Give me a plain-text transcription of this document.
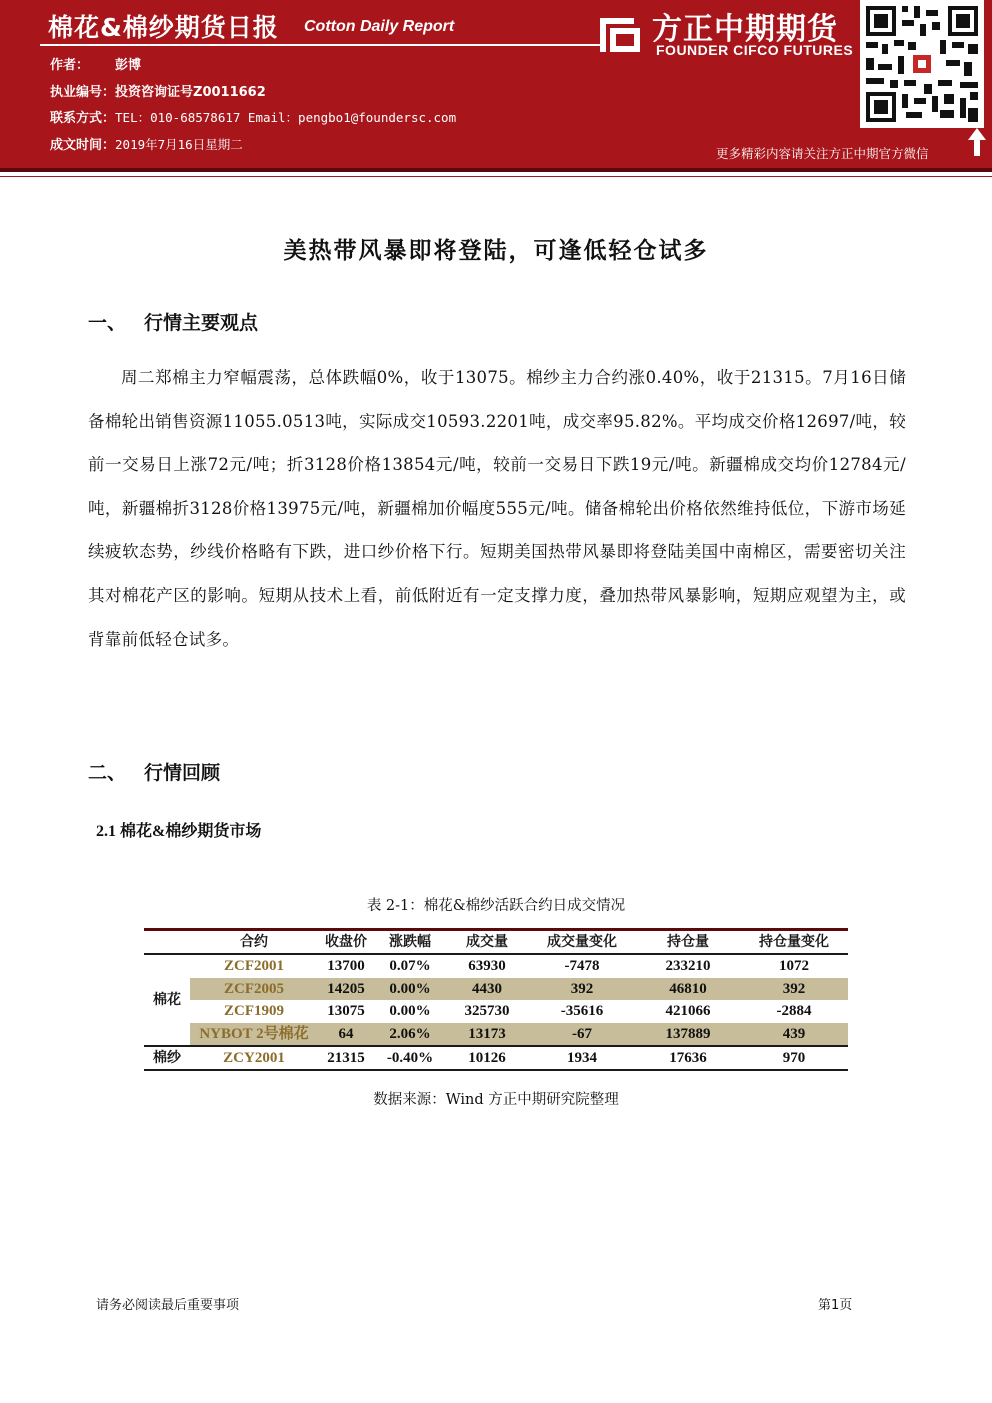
棉花&棉纱期货日报 Cotton Daily Report
作者： 彭博
执业编号：投资咨询证号Z0011662
联系方式：TEL：010-68578617 Email：pengbo1@foundersc.com
成文时间：2019年7月16日星期二
方正中期期货
FOUNDER CIFCO FUTURES
更多精彩内容请关注方正中期官方微信
美热带风暴即将登陆，可逢低轻仓试多
一、 行情主要观点
周二郑棉主力窄幅震荡，总体跌幅0%，收于13075。棉纱主力合约涨0.40%，收于21315。7月16日储备棉轮出销售资源11055.0513吨，实际成交10593.2201吨，成交率95.82%。平均成交价格12697/吨，较前一交易日上涨72元/吨；折3128价格13854元/吨，较前一交易日下跌19元/吨。新疆棉成交均价12784元/吨，新疆棉折3128价格13975元/吨，新疆棉加价幅度555元/吨。储备棉轮出价格依然维持低位，下游市场延续疲软态势，纱线价格略有下跌，进口纱价格下行。短期美国热带风暴即将登陆美国中南棉区，需要密切关注其对棉花产区的影响。短期从技术上看，前低附近有一定支撑力度，叠加热带风暴影响，短期应观望为主，或背靠前低轻仓试多。
二、 行情回顾
2.1 棉花&棉纱期货市场
表 2-1：棉花&棉纱活跃合约日成交情况
	合约	收盘价	涨跌幅	成交量	成交量变化	持仓量	持仓量变化
棉花	ZCF2001	13700	0.07%	63930	-7478	233210	1072
	ZCF2005	14205	0.00%	4430	392	46810	392
	ZCF1909	13075	0.00%	325730	-35616	421066	-2884
	NYBOT 2号棉花	64	2.06%	13173	-67	137889	439
棉纱	ZCY2001	21315	-0.40%	10126	1934	17636	970
数据来源：Wind 方正中期研究院整理
请务必阅读最后重要事项	第1页
